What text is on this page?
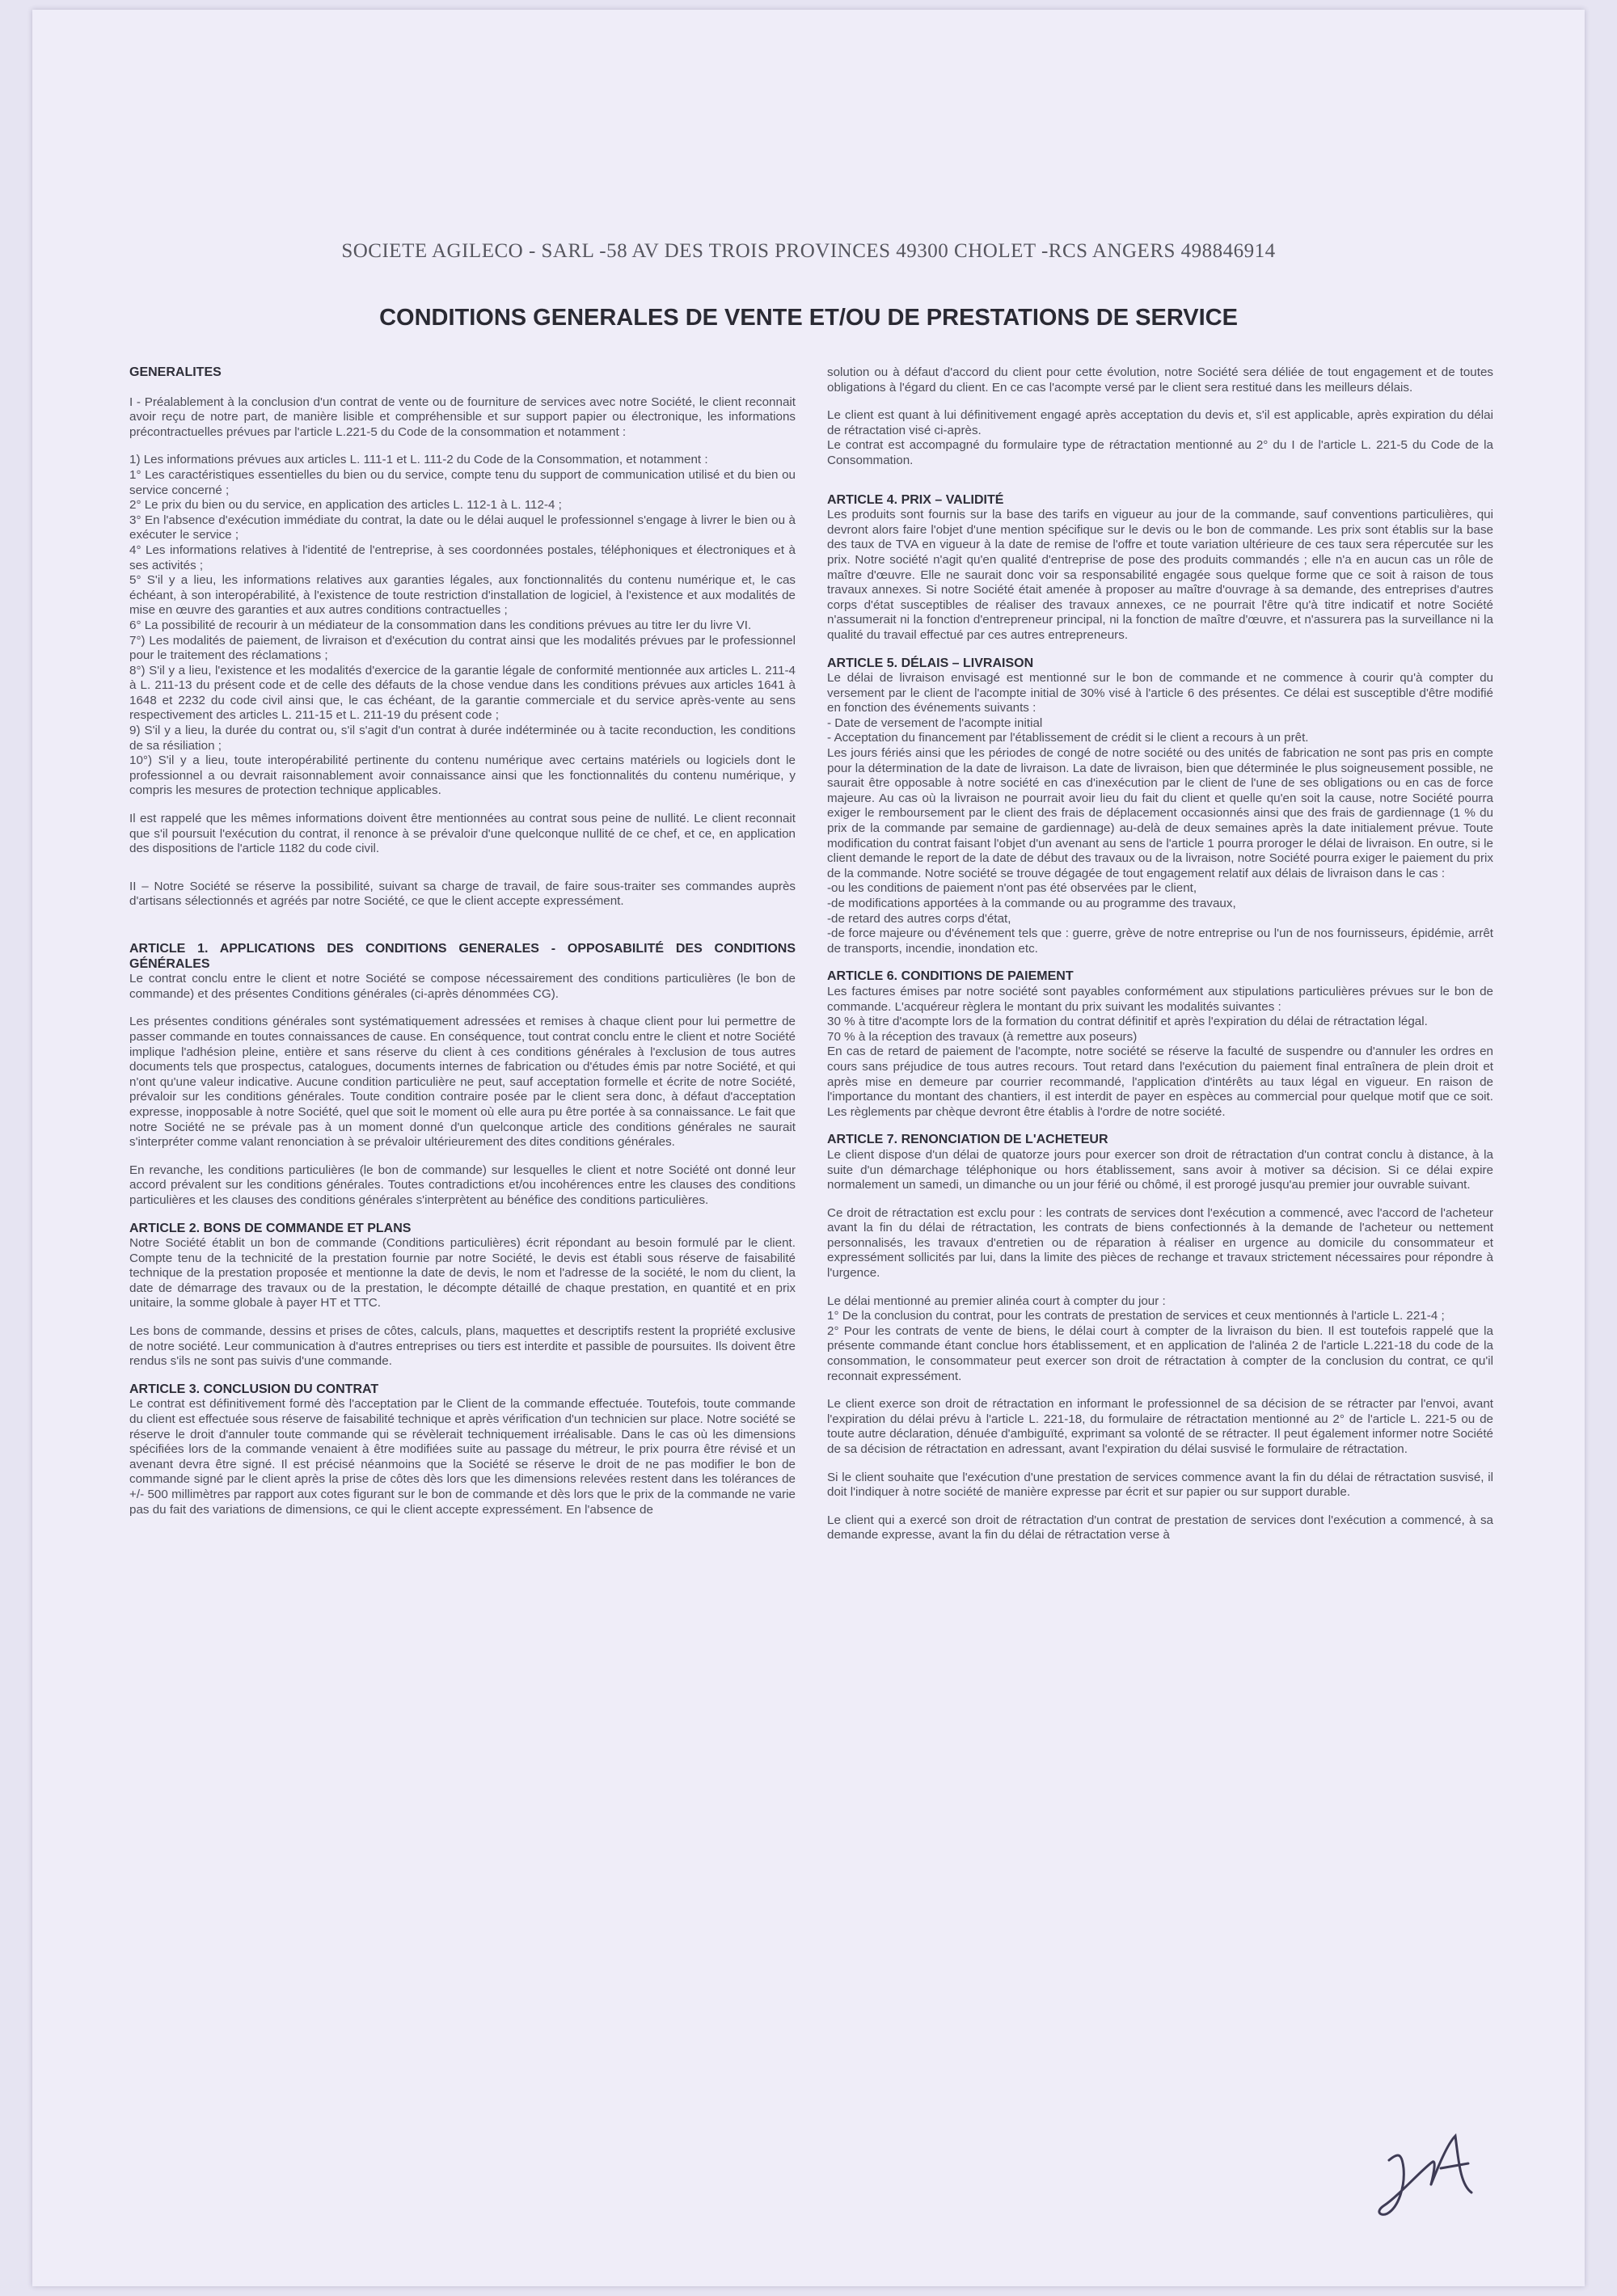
SOCIETE AGILECO - SARL -58 AV DES TROIS PROVINCES 49300 CHOLET -RCS ANGERS 498846914
CONDITIONS GENERALES DE VENTE ET/OU DE PRESTATIONS DE SERVICE
GENERALITES

I - Préalablement à la conclusion d'un contrat de vente ou de fourniture de services avec notre Société, le client reconnait avoir reçu de notre part, de manière lisible et compréhensible et sur support papier ou électronique, les informations précontractuelles prévues par l'article L.221-5 du Code de la consommation et notamment :

1) Les informations prévues aux articles L. 111-1 et L. 111-2 du Code de la Consommation, et notamment :
1° Les caractéristiques essentielles du bien ou du service, compte tenu du support de communication utilisé et du bien ou service concerné ;
2° Le prix du bien ou du service, en application des articles L. 112-1 à L. 112-4 ;
3° En l'absence d'exécution immédiate du contrat, la date ou le délai auquel le professionnel s'engage à livrer le bien ou à exécuter le service ;
4° Les informations relatives à l'identité de l'entreprise, à ses coordonnées postales, téléphoniques et électroniques et à ses activités ;
5° S'il y a lieu, les informations relatives aux garanties légales, aux fonctionnalités du contenu numérique et, le cas échéant, à son interopérabilité, à l'existence de toute restriction d'installation de logiciel, à l'existence et aux modalités de mise en œuvre des garanties et aux autres conditions contractuelles ;
6° La possibilité de recourir à un médiateur de la consommation dans les conditions prévues au titre Ier du livre VI.
7°) Les modalités de paiement, de livraison et d'exécution du contrat ainsi que les modalités prévues par le professionnel pour le traitement des réclamations ;
8°) S'il y a lieu, l'existence et les modalités d'exercice de la garantie légale de conformité mentionnée aux articles L. 211-4 à L. 211-13 du présent code et de celle des défauts de la chose vendue dans les conditions prévues aux articles 1641 à 1648 et 2232 du code civil ainsi que, le cas échéant, de la garantie commerciale et du service après-vente au sens respectivement des articles L. 211-15 et L. 211-19 du présent code ;
9) S'il y a lieu, la durée du contrat ou, s'il s'agit d'un contrat à durée indéterminée ou à tacite reconduction, les conditions de sa résiliation ;
10°) S'il y a lieu, toute interopérabilité pertinente du contenu numérique avec certains matériels ou logiciels dont le professionnel a ou devrait raisonnablement avoir connaissance ainsi que les fonctionnalités du contenu numérique, y compris les mesures de protection technique applicables.

Il est rappelé que les mêmes informations doivent être mentionnées au contrat sous peine de nullité. Le client reconnait que s'il poursuit l'exécution du contrat, il renonce à se prévaloir d'une quelconque nullité de ce chef, et ce, en application des dispositions de l'article 1182 du code civil.

II – Notre Société se réserve la possibilité, suivant sa charge de travail, de faire sous-traiter ses commandes auprès d'artisans sélectionnés et agréés par notre Société, ce que le client accepte expressément.

ARTICLE 1. APPLICATIONS DES CONDITIONS GENERALES - OPPOSABILITÉ DES CONDITIONS GÉNÉRALES

Le contrat conclu entre le client et notre Société se compose nécessairement des conditions particulières (le bon de commande) et des présentes Conditions générales (ci-après dénommées CG).

Les présentes conditions générales sont systématiquement adressées et remises à chaque client pour lui permettre de passer commande en toutes connaissances de cause. En conséquence, tout contrat conclu entre le client et notre Société implique l'adhésion pleine, entière et sans réserve du client à ces conditions générales à l'exclusion de tous autres documents tels que prospectus, catalogues, documents internes de fabrication ou d'études émis par notre Société, et qui n'ont qu'une valeur indicative. Aucune condition particulière ne peut, sauf acceptation formelle et écrite de notre Société, prévaloir sur les conditions générales. Toute condition contraire posée par le client sera donc, à défaut d'acceptation expresse, inopposable à notre Société, quel que soit le moment où elle aura pu être portée à sa connaissance. Le fait que notre Société ne se prévale pas à un moment donné d'un quelconque article des conditions générales ne saurait s'interpréter comme valant renonciation à se prévaloir ultérieurement des dites conditions générales.

En revanche, les conditions particulières (le bon de commande) sur lesquelles le client et notre Société ont donné leur accord prévalent sur les conditions générales. Toutes contradictions et/ou incohérences entre les clauses des conditions particulières et les clauses des conditions générales s'interprètent au bénéfice des conditions particulières.

ARTICLE 2. BONS DE COMMANDE ET PLANS

Notre Société établit un bon de commande (Conditions particulières) écrit répondant au besoin formulé par le client. Compte tenu de la technicité de la prestation fournie par notre Société, le devis est établi sous réserve de faisabilité technique de la prestation proposée et mentionne la date de devis, le nom et l'adresse de la société, le nom du client, la date de démarrage des travaux ou de la prestation, le décompte détaillé de chaque prestation, en quantité et en prix unitaire, la somme globale à payer HT et TTC.

Les bons de commande, dessins et prises de côtes, calculs, plans, maquettes et descriptifs restent la propriété exclusive de notre société. Leur communication à d'autres entreprises ou tiers est interdite et passible de poursuites. Ils doivent être rendus s'ils ne sont pas suivis d'une commande.

ARTICLE 3. CONCLUSION DU CONTRAT

Le contrat est définitivement formé dès l'acceptation par le Client de la commande effectuée. Toutefois, toute commande du client est effectuée sous réserve de faisabilité technique et après vérification d'un technicien sur place. Notre société se réserve le droit d'annuler toute commande qui se révèlerait techniquement irréalisable. Dans le cas où les dimensions spécifiées lors de la commande venaient à être modifiées suite au passage du métreur, le prix pourra être révisé et un avenant devra être signé. Il est précisé néanmoins que la Société se réserve le droit de ne pas modifier le bon de commande signé par le client après la prise de côtes dès lors que les dimensions relevées restent dans les tolérances de +/- 500 millimètres par rapport aux cotes figurant sur le bon de commande et dès lors que le prix de la commande ne varie pas du fait des variations de dimensions, ce qui le client accepte expressément. En l'absence de

solution ou à défaut d'accord du client pour cette évolution, notre Société sera déliée de tout engagement et de toutes obligations à l'égard du client. En ce cas l'acompte versé par le client sera restitué dans les meilleurs délais.

Le client est quant à lui définitivement engagé après acceptation du devis et, s'il est applicable, après expiration du délai de rétractation visé ci-après.
Le contrat est accompagné du formulaire type de rétractation mentionné au 2° du I de l'article L. 221-5 du Code de la Consommation.

ARTICLE 4. PRIX – VALIDITÉ

Les produits sont fournis sur la base des tarifs en vigueur au jour de la commande, sauf conventions particulières, qui devront alors faire l'objet d'une mention spécifique sur le devis ou le bon de commande. Les prix sont établis sur la base des taux de TVA en vigueur à la date de remise de l'offre et toute variation ultérieure de ces taux sera répercutée sur les prix. Notre société n'agit qu'en qualité d'entreprise de pose des produits commandés ; elle n'a en aucun cas un rôle de maître d'œuvre. Elle ne saurait donc voir sa responsabilité engagée sous quelque forme que ce soit à raison de tous travaux annexes. Si notre Société était amenée à proposer au maître d'ouvrage à sa demande, des entreprises d'autres corps d'état susceptibles de réaliser des travaux annexes, ce ne pourrait l'être qu'à titre indicatif et notre Société n'assumerait ni la fonction d'entrepreneur principal, ni la fonction de maître d'œuvre, et n'assurera pas la surveillance ni la qualité du travail effectué par ces autres entrepreneurs.

ARTICLE 5. DÉLAIS – LIVRAISON

Le délai de livraison envisagé est mentionné sur le bon de commande et ne commence à courir qu'à compter du versement par le client de l'acompte initial de 30% visé à l'article 6 des présentes. Ce délai est susceptible d'être modifié en fonction des événements suivants :
- Date de versement de l'acompte initial
- Acceptation du financement par l'établissement de crédit si le client a recours à un prêt.
Les jours fériés ainsi que les périodes de congé de notre société ou des unités de fabrication ne sont pas pris en compte pour la détermination de la date de livraison. La date de livraison, bien que déterminée le plus soigneusement possible, ne saurait être opposable à notre société en cas d'inexécution par le client de l'une de ses obligations ou en cas de force majeure. Au cas où la livraison ne pourrait avoir lieu du fait du client et quelle qu'en soit la cause, notre Société pourra exiger le remboursement par le client des frais de déplacement occasionnés ainsi que des frais de gardiennage (1 % du prix de la commande par semaine de gardiennage) au-delà de deux semaines après la date initialement prévue. Toute modification du contrat faisant l'objet d'un avenant au sens de l'article 1 pourra proroger le délai de livraison. En outre, si le client demande le report de la date de début des travaux ou de la livraison, notre Société pourra exiger le paiement du prix de la commande. Notre société se trouve dégagée de tout engagement relatif aux délais de livraison dans le cas :
-ou les conditions de paiement n'ont pas été observées par le client,
-de modifications apportées à la commande ou au programme des travaux,
-de retard des autres corps d'état,
-de force majeure ou d'événement tels que : guerre, grève de notre entreprise ou l'un de nos fournisseurs, épidémie, arrêt de transports, incendie, inondation etc.

ARTICLE 6. CONDITIONS DE PAIEMENT

Les factures émises par notre société sont payables conformément aux stipulations particulières prévues sur le bon de commande. L'acquéreur règlera le montant du prix suivant les modalités suivantes :
30 % à titre d'acompte lors de la formation du contrat définitif et après l'expiration du délai de rétractation légal.
70 % à la réception des travaux (à remettre aux poseurs)
En cas de retard de paiement de l'acompte, notre société se réserve la faculté de suspendre ou d'annuler les ordres en cours sans préjudice de tous autres recours. Tout retard dans l'exécution du paiement final entraînera de plein droit et après mise en demeure par courrier recommandé, l'application d'intérêts au taux légal en vigueur. En raison de l'importance du montant des chantiers, il est interdit de payer en espèces au commercial pour quelque motif que ce soit. Les règlements par chèque devront être établis à l'ordre de notre société.

ARTICLE 7. RENONCIATION DE L'ACHETEUR

Le client dispose d'un délai de quatorze jours pour exercer son droit de rétractation d'un contrat conclu à distance, à la suite d'un démarchage téléphonique ou hors établissement, sans avoir à motiver sa décision. Si ce délai expire normalement un samedi, un dimanche ou un jour férié ou chômé, il est prorogé jusqu'au premier jour ouvrable suivant.

Ce droit de rétractation est exclu pour : les contrats de services dont l'exécution a commencé, avec l'accord de l'acheteur avant la fin du délai de rétractation, les contrats de biens confectionnés à la demande de l'acheteur ou nettement personnalisés, les travaux d'entretien ou de réparation à réaliser en urgence au domicile du consommateur et expressément sollicités par lui, dans la limite des pièces de rechange et travaux strictement nécessaires pour répondre à l'urgence.

Le délai mentionné au premier alinéa court à compter du jour :
1° De la conclusion du contrat, pour les contrats de prestation de services et ceux mentionnés à l'article L. 221-4 ;
2° Pour les contrats de vente de biens, le délai court à compter de la livraison du bien. Il est toutefois rappelé que la présente commande étant conclue hors établissement, et en application de l'alinéa 2 de l'article L.221-18 du code de la consommation, le consommateur peut exercer son droit de rétractation à compter de la conclusion du contrat, ce qu'il reconnait expressément.

Le client exerce son droit de rétractation en informant le professionnel de sa décision de se rétracter par l'envoi, avant l'expiration du délai prévu à l'article L. 221-18, du formulaire de rétractation mentionné au 2° de l'article L. 221-5 ou de toute autre déclaration, dénuée d'ambiguïté, exprimant sa volonté de se rétracter. Il peut également informer notre Société de sa décision de rétractation en adressant, avant l'expiration du délai susvisé le formulaire de rétractation.

Si le client souhaite que l'exécution d'une prestation de services commence avant la fin du délai de rétractation susvisé, il doit l'indiquer à notre société de manière expresse par écrit et sur papier ou sur support durable.

Le client qui a exercé son droit de rétractation d'un contrat de prestation de services dont l'exécution a commencé, à sa demande expresse, avant la fin du délai de rétractation verse à
